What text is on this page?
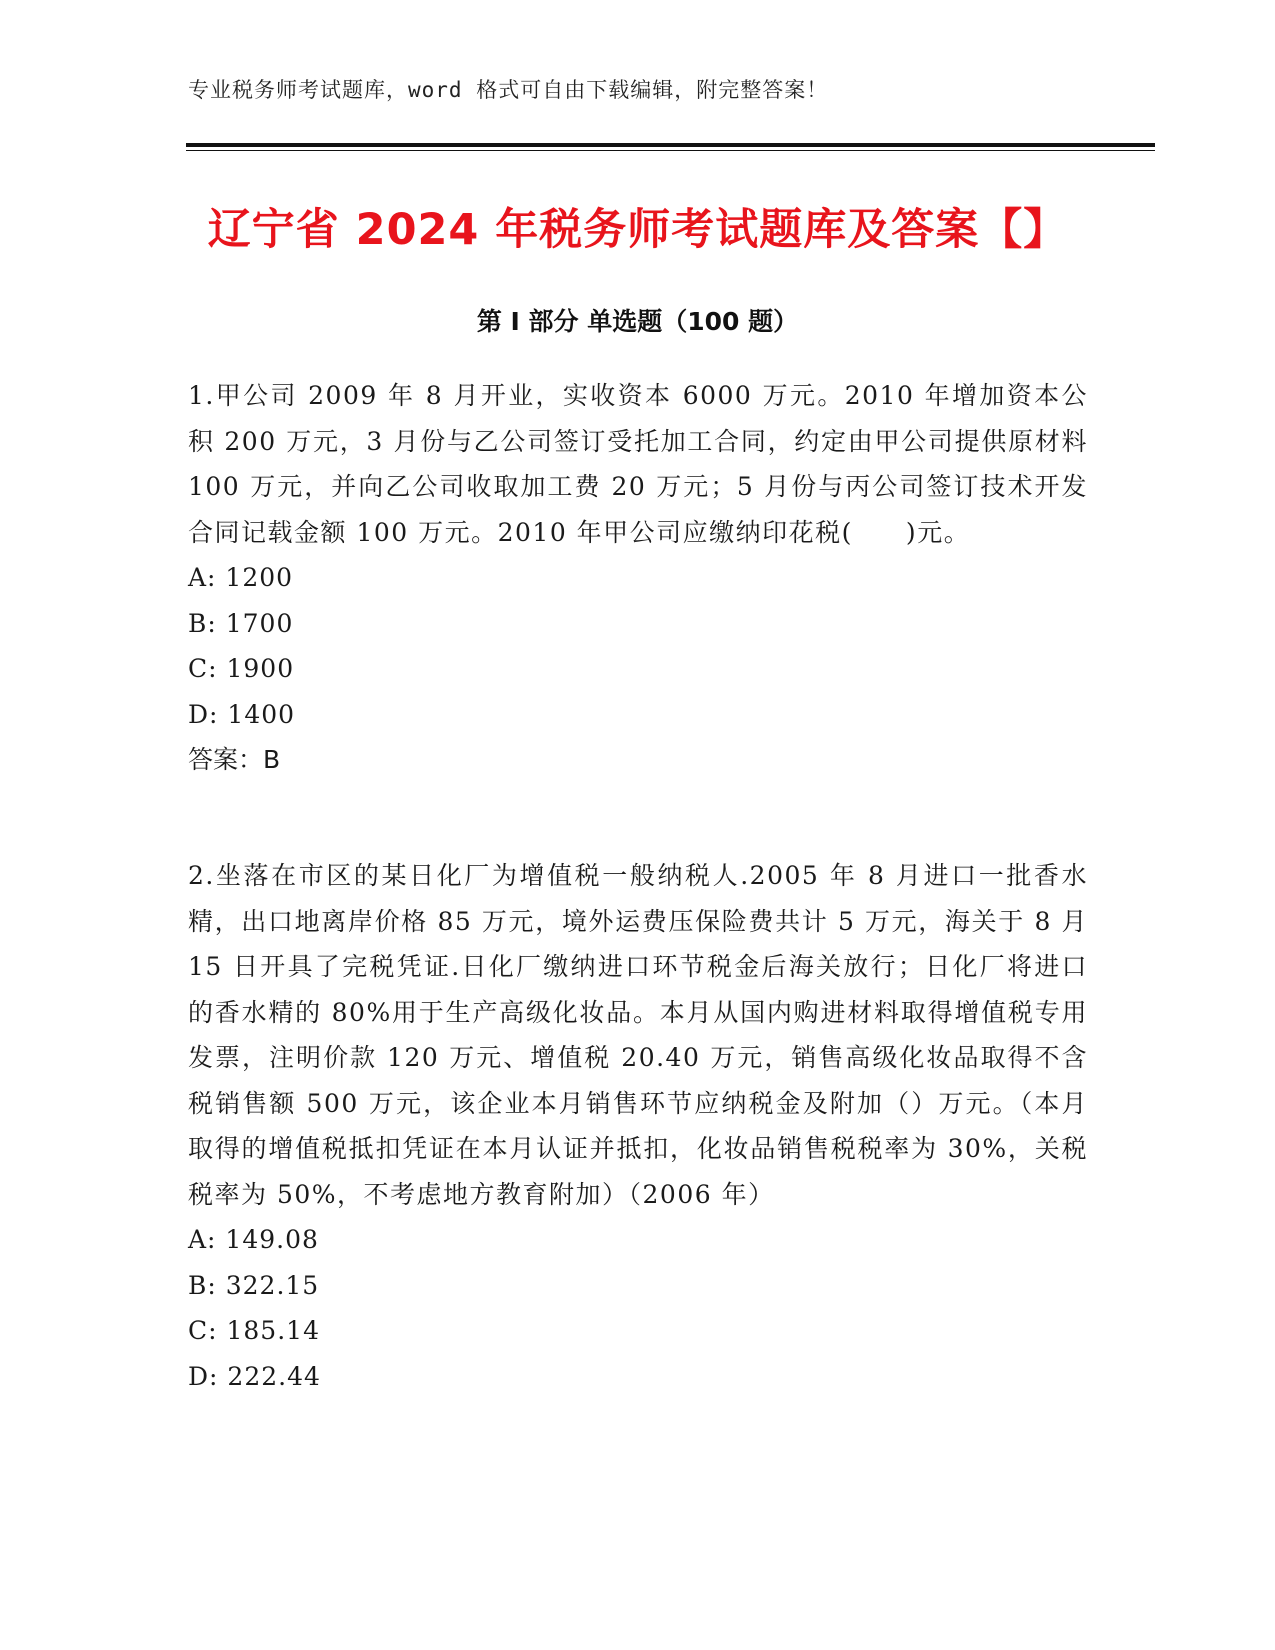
专业税务师考试题库，word 格式可自由下载编辑，附完整答案！
辽宁省 2024 年税务师考试题库及答案【】
第 I 部分 单选题（100 题）

1.甲公司 2009 年 8 月开业，实收资本 6000 万元。2010 年增加资本公积 200 万元，3 月份与乙公司签订受托加工合同，约定由甲公司提供原材料 100 万元，并向乙公司收取加工费 20 万元；5 月份与丙公司签订技术开发合同记载金额 100 万元。2010 年甲公司应缴纳印花税(　　)元。

A: 1200

B: 1700

C: 1900

D: 1400

答案：B

2.坐落在市区的某日化厂为增值税一般纳税人.2005 年 8 月进口一批香水精，出口地离岸价格 85 万元，境外运费压保险费共计 5 万元，海关于 8 月 15 日开具了完税凭证.日化厂缴纳进口环节税金后海关放行；日化厂将进口的香水精的 80%用于生产高级化妆品。本月从国内购进材料取得增值税专用发票，注明价款 120 万元、增值税 20.40 万元，销售高级化妆品取得不含税销售额 500 万元，该企业本月销售环节应纳税金及附加（）万元。（本月取得的增值税抵扣凭证在本月认证并抵扣，化妆品销售税税率为 30%，关税税率为 50%，不考虑地方教育附加）（2006 年）

A: 149.08

B: 322.15

C: 185.14

D: 222.44
